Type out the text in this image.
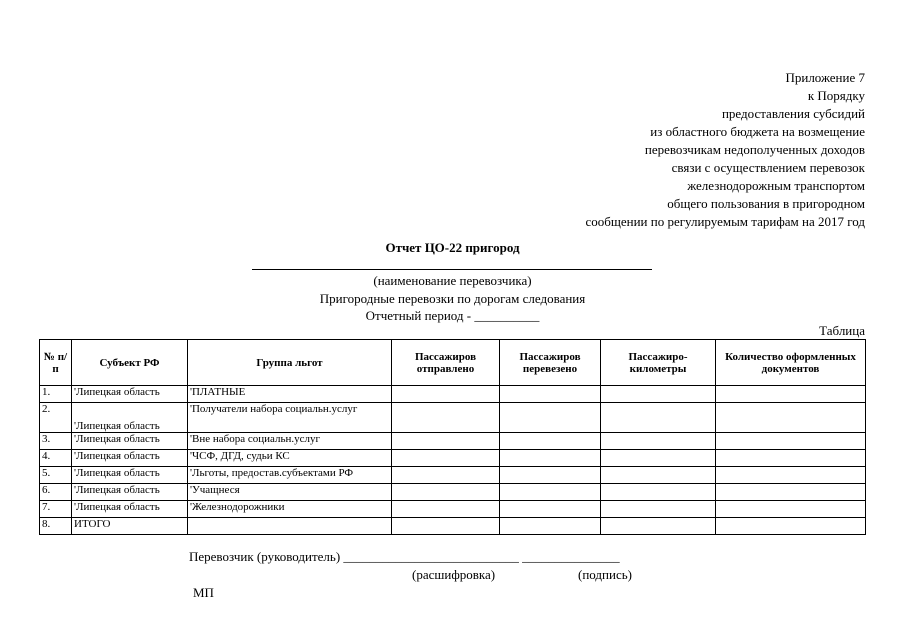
Приложение 7
к Порядку
предоставления субсидий
из областного бюджета на возмещение
перевозчикам недополученных доходов
связи с осуществлением перевозок
железнодорожным транспортом
общего пользования в пригородном
сообщении по регулируемым тарифам на 2017 год
Отчет ЦО-22 пригород
(наименование перевозчика)
Пригородные перевозки по дорогам следования
Отчетный период - __________
Таблица
№ п/п	Субъект РФ	Группа льгот	Пассажиров отправлено	Пассажиров перевезено	Пассажиро-километры	Количество оформленных документов
1.	'Липецкая область	'ПЛАТНЫЕ				
2.	'Липецкая область	'Получатели набора социальн.услуг				
3.	'Липецкая область	'Вне набора социальн.услуг				
4.	'Липецкая область	'ЧСФ, ДГД, судьи КС				
5.	'Липецкая область	'Льготы, предостав.субъектами РФ				
6.	'Липецкая область	'Учащнеся				
7.	'Липецкая область	'Железнодорожники				
8.	ИТОГО					
Перевозчик (руководитель) ___________________________ _______________
(расшифровка)	(подпись)
МП
